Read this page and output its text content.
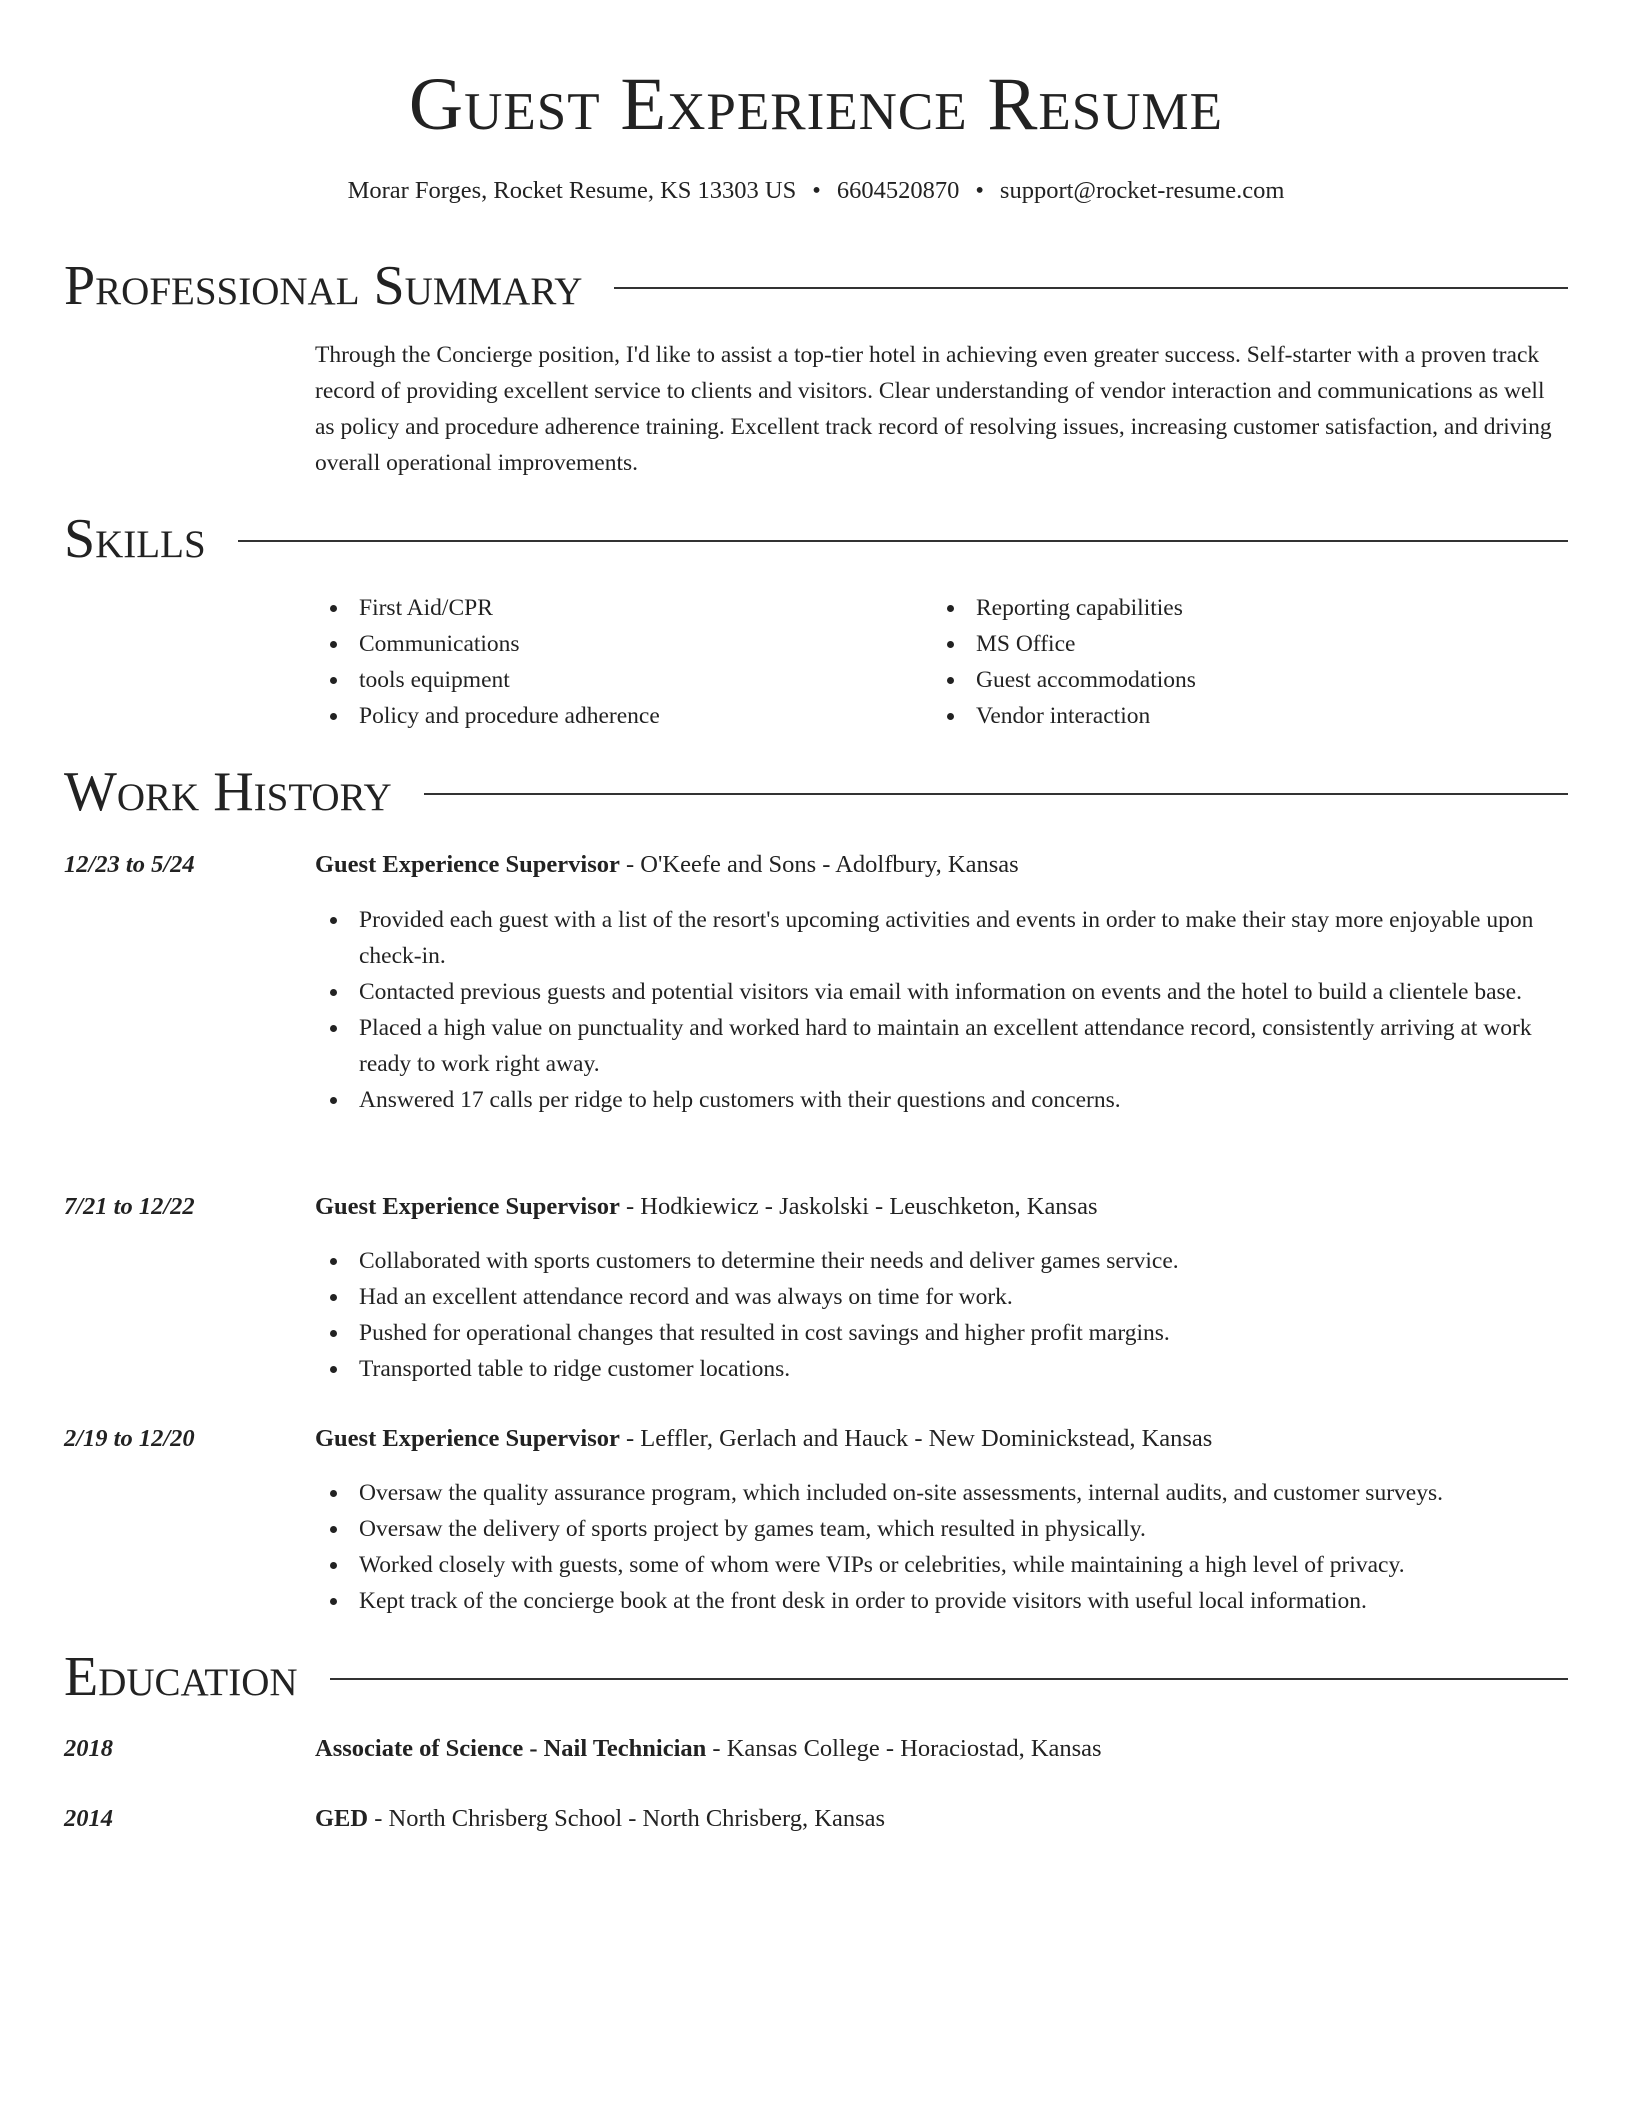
Guest Experience Resume
Morar Forges, Rocket Resume, KS 13303 US • 6604520870 • support@rocket-resume.com
Professional Summary
Through the Concierge position, I'd like to assist a top-tier hotel in achieving even greater success. Self-starter with a proven track record of providing excellent service to clients and visitors. Clear understanding of vendor interaction and communications as well as policy and procedure adherence training. Excellent track record of resolving issues, increasing customer satisfaction, and driving overall operational improvements.
Skills
First Aid/CPR
Communications
tools equipment
Policy and procedure adherence
Reporting capabilities
MS Office
Guest accommodations
Vendor interaction
Work History
12/23 to 5/24	Guest Experience Supervisor - O'Keefe and Sons - Adolfbury, Kansas
Provided each guest with a list of the resort's upcoming activities and events in order to make their stay more enjoyable upon check-in.
Contacted previous guests and potential visitors via email with information on events and the hotel to build a clientele base.
Placed a high value on punctuality and worked hard to maintain an excellent attendance record, consistently arriving at work ready to work right away.
Answered 17 calls per ridge to help customers with their questions and concerns.
7/21 to 12/22	Guest Experience Supervisor - Hodkiewicz - Jaskolski - Leuschketon, Kansas
Collaborated with sports customers to determine their needs and deliver games service.
Had an excellent attendance record and was always on time for work.
Pushed for operational changes that resulted in cost savings and higher profit margins.
Transported table to ridge customer locations.
2/19 to 12/20	Guest Experience Supervisor - Leffler, Gerlach and Hauck - New Dominickstead, Kansas
Oversaw the quality assurance program, which included on-site assessments, internal audits, and customer surveys.
Oversaw the delivery of sports project by games team, which resulted in physically.
Worked closely with guests, some of whom were VIPs or celebrities, while maintaining a high level of privacy.
Kept track of the concierge book at the front desk in order to provide visitors with useful local information.
Education
2018	Associate of Science - Nail Technician - Kansas College - Horaciostad, Kansas
2014	GED - North Chrisberg School - North Chrisberg, Kansas
